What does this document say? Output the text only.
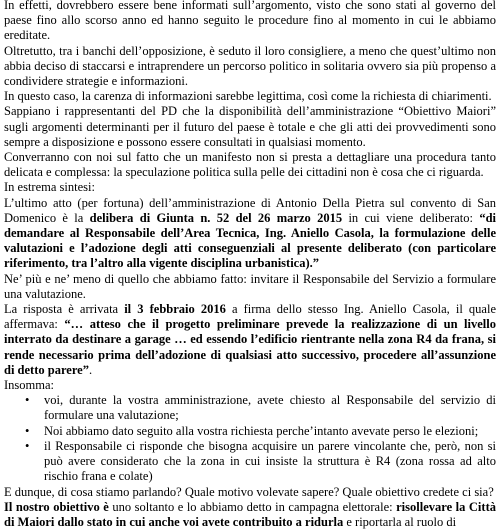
In effetti, dovrebbero essere bene informati sull’argomento, visto che sono stati al governo del paese fino allo scorso anno ed hanno seguito le procedure fino al momento in cui le abbiamo ereditate.

Oltretutto, tra i banchi dell’opposizione, è seduto il loro consigliere, a meno che quest’ultimo non abbia deciso di staccarsi e intraprendere un percorso politico in solitaria ovvero sia più propenso a condividere strategie e informazioni.

In questo caso, la carenza di informazioni sarebbe legittima, così come la richiesta di chiarimenti.

Sappiano i rappresentanti del PD che la disponibilità dell’amministrazione “Obiettivo Maiori” sugli argomenti determinanti per il futuro del paese è totale e che gli atti dei provvedimenti sono sempre a disposizione e possono essere consultati in qualsiasi momento.

Converranno con noi sul fatto che un manifesto non si presta a dettagliare una procedura tanto delicata e complessa: la speculazione politica sulla pelle dei cittadini non è cosa che ci riguarda.

In estrema sintesi:

L’ultimo atto (per fortuna) dell’amministrazione di Antonio Della Pietra sul convento di San Domenico è la delibera di Giunta n. 52 del 26 marzo 2015 in cui viene deliberato: “di demandare al Responsabile dell’Area Tecnica, Ing. Aniello Casola, la formulazione delle valutazioni e l’adozione degli atti conseguenziali al presente deliberato (con particolare riferimento, tra l’altro alla vigente disciplina urbanistica).”

Ne’ più e ne’ meno di quello che abbiamo fatto: invitare il Responsabile del Servizio a formulare una valutazione.

La risposta è arrivata il 3 febbraio 2016 a firma dello stesso Ing. Aniello Casola, il quale affermava: “… atteso che il progetto preliminare prevede la realizzazione di un livello interrato da destinare a garage … ed essendo l’edificio rientrante nella zona R4 da frana, si rende necessario prima dell’adozione di qualsiasi atto successivo, procedere all’assunzione di detto parere”.

Insomma:

• voi, durante la vostra amministrazione, avete chiesto al Responsabile del servizio di formulare una valutazione;
• Noi abbiamo dato seguito alla vostra richiesta perche’intanto avevate perso le elezioni;
• il Responsabile ci risponde che bisogna acquisire un parere vincolante che, però, non si può avere considerato che la zona in cui insiste la struttura è R4 (zona rossa ad alto rischio frana e colate)

E dunque, di cosa stiamo parlando? Quale motivo volevate sapere? Quale obiettivo credete ci sia?

Il nostro obiettivo è uno soltanto e lo abbiamo detto in campagna elettorale: risollevare la Città di Maiori dallo stato in cui anche voi avete contribuito a ridurla e riportarla al ruolo di
